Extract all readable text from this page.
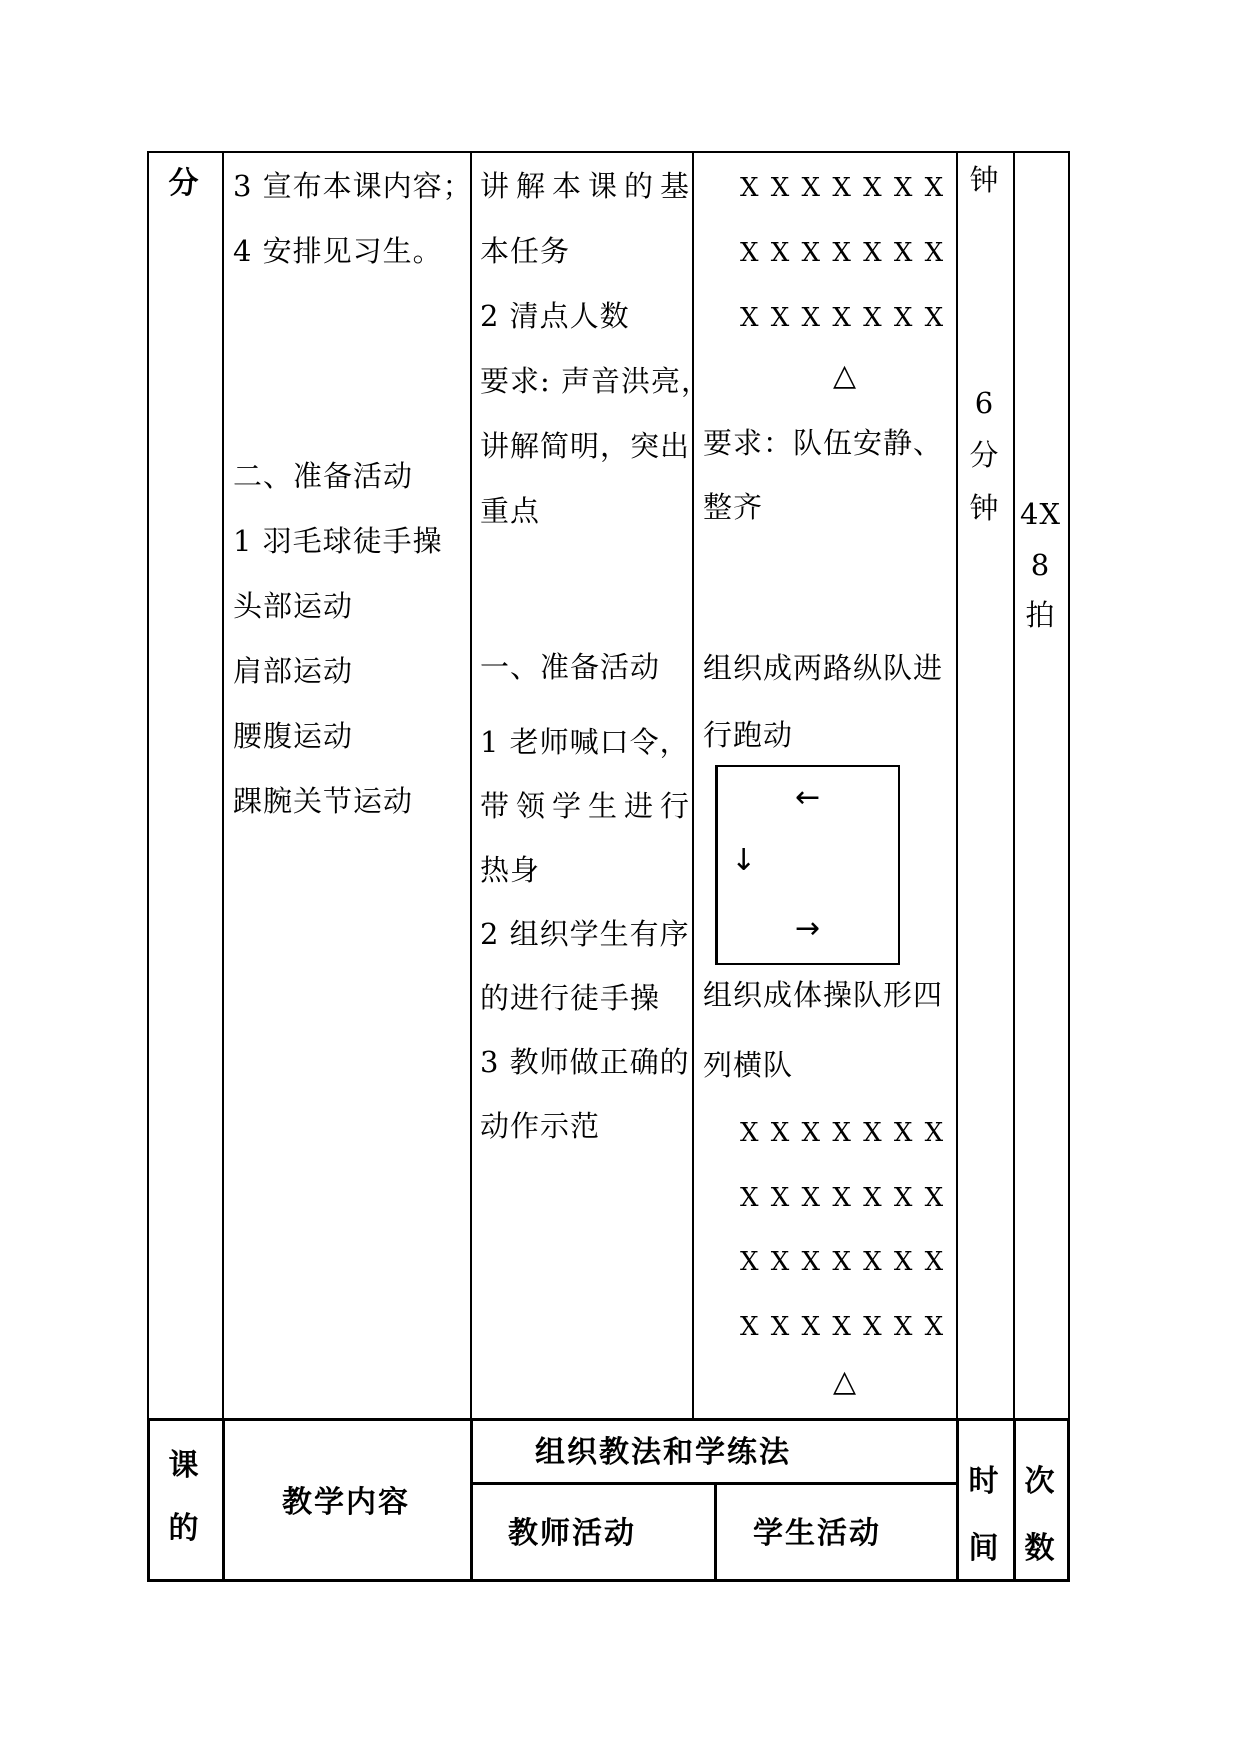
分	3 宣布本课内容；
4 安排见习生。
二、准备活动
1 羽毛球徒手操
头部运动
肩部运动
腰腹运动
踝腕关节运动
讲解本课的基
本任务
2 清点人数
要求: 声音洪亮，
讲解简明，突出
重点
一、准备活动
1 老师喊口令，
带领学生进行
热身
2 组织学生有序
的进行徒手操
3 教师做正确的
动作示范
X X X X X X X
X X X X X X X
X X X X X X X
△
要求：队伍安静、
整齐
组织成两路纵队进
行跑动
←
↓
→
组织成体操队形四
列横队
X X X X X X X
X X X X X X X
X X X X X X X
X X X X X X X
△
钟
6
分
钟 4X
8
拍
课
的
教学内容
组织教法和学练法
教师活动	学生活动
时
间
次
数
